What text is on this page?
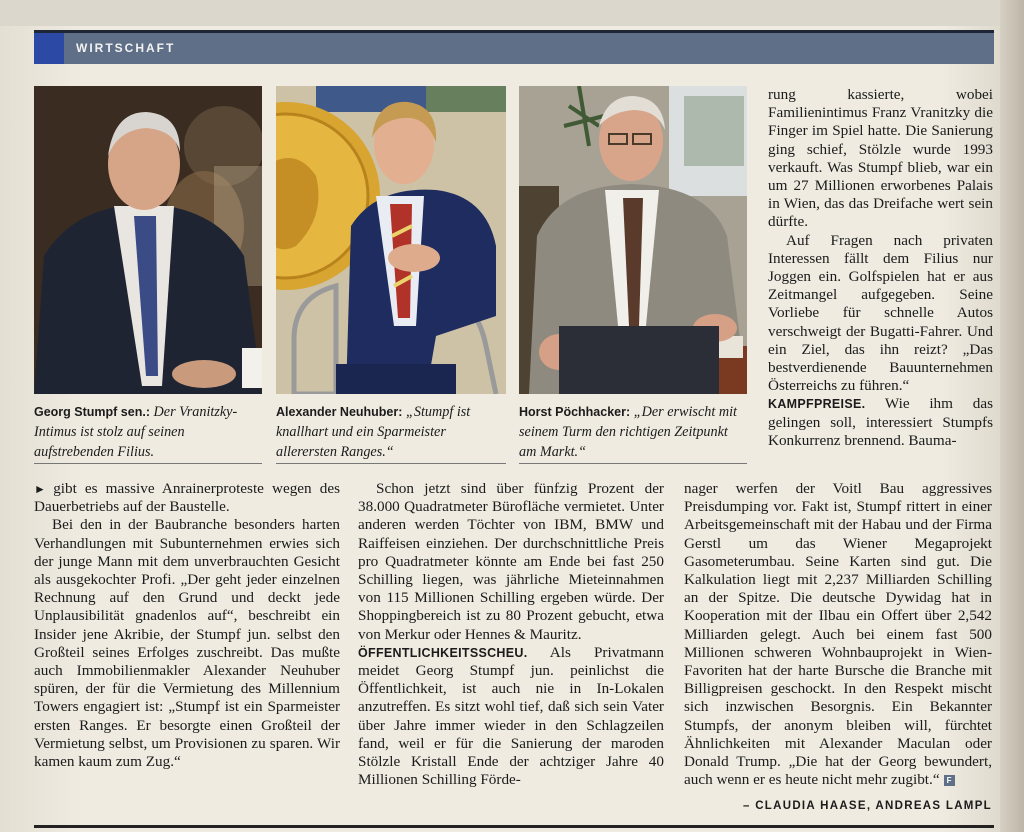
WIRTSCHAFT
Georg Stumpf sen.: Der Vranitzky-Intimus ist stolz auf seinen aufstrebenden Filius.
Alexander Neuhuber: „Stumpf ist knallhart und ein Sparmeister allerersten Ranges.“
Horst Pöchhacker: „Der erwischt mit seinem Turm den richtigen Zeitpunkt am Markt.“

rung kassierte, wobei Familienintimus Franz Vranitzky die Finger im Spiel hatte. Die Sanierung ging schief, Stölzle wurde 1993 verkauft. Was Stumpf blieb, war ein um 27 Millionen erworbenes Palais in Wien, das das Dreifache wert sein dürfte.

Auf Fragen nach privaten Interessen fällt dem Filius nur Joggen ein. Golfspielen hat er aus Zeitmangel aufgegeben. Seine Vorliebe für schnelle Autos verschweigt der Bugatti-Fahrer. Und ein Ziel, das ihn reizt? „Das bestverdienende Bauunternehmen Österreichs zu führen.“

KAMPFPREISE. Wie ihm das gelingen soll, interessiert Stumpfs Konkurrenz brennend. Bauma-

► gibt es massive Anrainerproteste wegen des Dauerbetriebs auf der Baustelle.

Bei den in der Baubranche besonders harten Verhandlungen mit Subunternehmen erwies sich der junge Mann mit dem unverbrauchten Gesicht als ausgekochter Profi. „Der geht jeder einzelnen Rechnung auf den Grund und deckt jede Unplausibilität gnadenlos auf“, beschreibt ein Insider jene Akribie, der Stumpf jun. selbst den Großteil seines Erfolges zuschreibt. Das mußte auch Immobilienmakler Alexander Neuhuber spüren, der für die Vermietung des Millennium Towers engagiert ist: „Stumpf ist ein Sparmeister ersten Ranges. Er besorgte einen Großteil der Vermietung selbst, um Provisionen zu sparen. Wir kamen kaum zum Zug.“

Schon jetzt sind über fünfzig Prozent der 38.000 Quadratmeter Bürofläche vermietet. Unter anderen werden Töchter von IBM, BMW und Raiffeisen einziehen. Der durchschnittliche Preis pro Quadratmeter könnte am Ende bei fast 250 Schilling liegen, was jährliche Mieteinnahmen von 115 Millionen Schilling ergeben würde. Der Shoppingbereich ist zu 80 Prozent gebucht, etwa von Merkur oder Hennes & Mauritz.

ÖFFENTLICHKEITSSCHEU. Als Privatmann meidet Georg Stumpf jun. peinlichst die Öffentlichkeit, ist auch nie in In-Lokalen anzutreffen. Es sitzt wohl tief, daß sich sein Vater über Jahre immer wieder in den Schlagzeilen fand, weil er für die Sanierung der maroden Stölzle Kristall Ende der achtziger Jahre 40 Millionen Schilling Förde-

nager werfen der Voitl Bau aggressives Preisdumping vor. Fakt ist, Stumpf rittert in einer Arbeitsgemeinschaft mit der Habau und der Firma Gerstl um das Wiener Megaprojekt Gasometerumbau. Seine Karten sind gut. Die Kalkulation liegt mit 2,237 Milliarden Schilling an der Spitze. Die deutsche Dywidag hat in Kooperation mit der Ilbau ein Offert über 2,542 Milliarden gelegt. Auch bei einem fast 500 Millionen schweren Wohnbauprojekt in Wien-Favoriten hat der harte Bursche die Branche mit Billigpreisen geschockt. In den Respekt mischt sich inzwischen Besorgnis. Ein Bekannter Stumpfs, der anonym bleiben will, fürchtet Ähnlichkeiten mit Alexander Maculan oder Donald Trump. „Die hat der Georg bewundert, auch wenn er es heute nicht mehr zugibt.“ F

– CLAUDIA HAASE, ANDREAS LAMPL
